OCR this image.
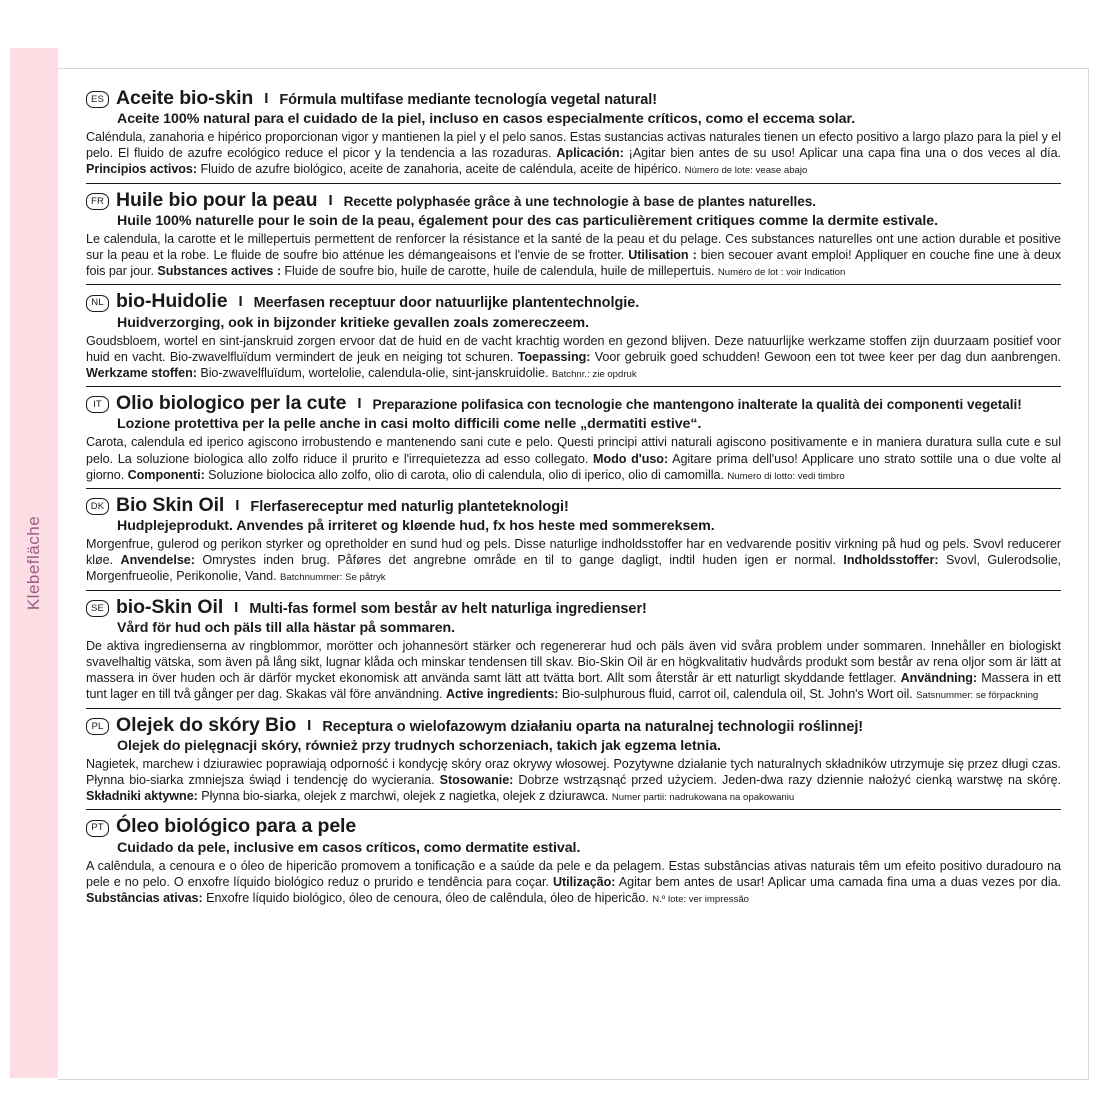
Klebefläche
ES Aceite bio-skin I Fórmula multifase mediante tecnología vegetal natural!
Aceite 100% natural para el cuidado de la piel, incluso en casos especialmente críticos, como el eccema solar.
Caléndula, zanahoria e hipérico proporcionan vigor y mantienen la piel y el pelo sanos. Estas sustancias activas naturales tienen un efecto positivo a largo plazo para la piel y el pelo. El fluido de azufre ecológico reduce el picor y la tendencia a las rozaduras. Aplicación: ¡Agitar bien antes de su uso! Aplicar una capa fina una o dos veces al día. Principios activos: Fluido de azufre biológico, aceite de zanahoria, aceite de caléndula, aceite de hipérico. Número de lote: vease abajo
FR Huile bio pour la peau I Recette polyphasée grâce à une technologie à base de plantes naturelles.
Huile 100% naturelle pour le soin de la peau, également pour des cas particulièrement critiques comme la dermite estivale.
Le calendula, la carotte et le millepertuis permettent de renforcer la résistance et la santé de la peau et du pelage. Ces substances naturelles ont une action durable et positive sur la peau et la robe. Le fluide de soufre bio atténue les démangeaisons et l'envie de se frotter. Utilisation : bien secouer avant emploi! Appliquer en couche fine une à deux fois par jour. Substances actives : Fluide de soufre bio, huile de carotte, huile de calendula, huile de millepertuis. Numéro de lot : voir Indication
NL bio-Huidolie I Meerfasen receptuur door natuurlijke plantentechnolgie.
Huidverzorging, ook in bijzonder kritieke gevallen zoals zomereczeem.
Goudsbloem, wortel en sint-janskruid zorgen ervoor dat de huid en de vacht krachtig worden en gezond blijven. Deze natuurlijke werkzame stoffen zijn duurzaam positief voor huid en vacht. Bio-zwavelfluïdum vermindert de jeuk en neiging tot schuren. Toepassing: Voor gebruik goed schudden! Gewoon een tot twee keer per dag dun aanbrengen. Werkzame stoffen: Bio-zwavelfluïdum, wortelolie, calendula-olie, sint-janskruidolie. Batchnr.: zie opdruk
IT Olio biologico per la cute I Preparazione polifasica con tecnologie che mantengono inalterate la qualità dei componenti vegetali!
Lozione protettiva per la pelle anche in casi molto difficili come nelle „dermatiti estive“.
Carota, calendula ed iperico agiscono irrobustendo e mantenendo sani cute e pelo. Questi principi attivi naturali agiscono positivamente e in maniera duratura sulla cute e sul pelo. La soluzione biologica allo zolfo riduce il prurito e l'irrequietezza ad esso collegato. Modo d'uso: Agitare prima dell'uso! Applicare uno strato sottile una o due volte al giorno. Componenti: Soluzione biolocica allo zolfo, olio di carota, olio di calendula, olio di iperico, olio di camomilla. Numero di lotto: vedi timbro
DK Bio Skin Oil I Flerfasereceptur med naturlig planteteknologi!
Hudplejeprodukt. Anvendes på irriteret og kløende hud, fx hos heste med sommereksem.
Morgenfrue, gulerod og perikon styrker og opretholder en sund hud og pels. Disse naturlige indholdsstoffer har en vedvarende positiv virkning på hud og pels. Svovl reducerer kløe. Anvendelse: Omrystes inden brug. Påføres det angrebne område en til to gange dagligt, indtil huden igen er normal. Indholdsstoffer: Svovl, Gulerodsolie, Morgenfrueolie, Perikonolie, Vand. Batchnummer: Se påtryk
SE bio-Skin Oil I Multi-fas formel som består av helt naturliga ingredienser!
Vård för hud och päls till alla hästar på sommaren.
De aktiva ingredienserna av ringblommor, morötter och johannesört stärker och regenererar hud och päls även vid svåra problem under sommaren. Innehåller en biologiskt svavelhaltig vätska, som även på lång sikt, lugnar klåda och minskar tendensen till skav. Bio-Skin Oil är en högkvalitativ hudvårds produkt som består av rena oljor som är lätt at massera in över huden och är därför mycket ekonomisk att använda samt lätt att tvätta bort. Allt som återstår är ett naturligt skyddande fettlager. Användning: Massera in ett tunt lager en till två gånger per dag. Skakas väl före användning. Active ingredients: Bio-sulphurous fluid, carrot oil, calendula oil, St. John's Wort oil. Satsnummer: se förpackning
PL Olejek do skóry Bio I Receptura o wielofazowym działaniu oparta na naturalnej technologii roślinnej!
Olejek do pielęgnacji skóry, również przy trudnych schorzeniach, takich jak egzema letnia.
Nagietek, marchew i dziurawiec poprawiają odporność i kondycję skóry oraz okrywy włosowej. Pozytywne działanie tych naturalnych składników utrzymuje się przez długi czas. Płynna bio-siarka zmniejsza świąd i tendencję do wycierania. Stosowanie: Dobrze wstrząsnąć przed użyciem. Jeden-dwa razy dziennie nałożyć cienką warstwę na skórę. Składniki aktywne: Płynna bio-siarka, olejek z marchwi, olejek z nagietka, olejek z dziurawca. Numer partii: nadrukowana na opakowaniu
PT Óleo biológico para a pele
Cuidado da pele, inclusive em casos críticos, como dermatite estival.
A calêndula, a cenoura e o óleo de hipericão promovem a tonificação e a saúde da pele e da pelagem. Estas substâncias ativas naturais têm um efeito positivo duradouro na pele e no pelo. O enxofre líquido biológico reduz o prurido e tendência para coçar. Utilização: Agitar bem antes de usar! Aplicar uma camada fina uma a duas vezes por dia. Substâncias ativas: Enxofre líquido biológico, óleo de cenoura, óleo de calêndula, óleo de hipericão. N.º lote: ver impressão
